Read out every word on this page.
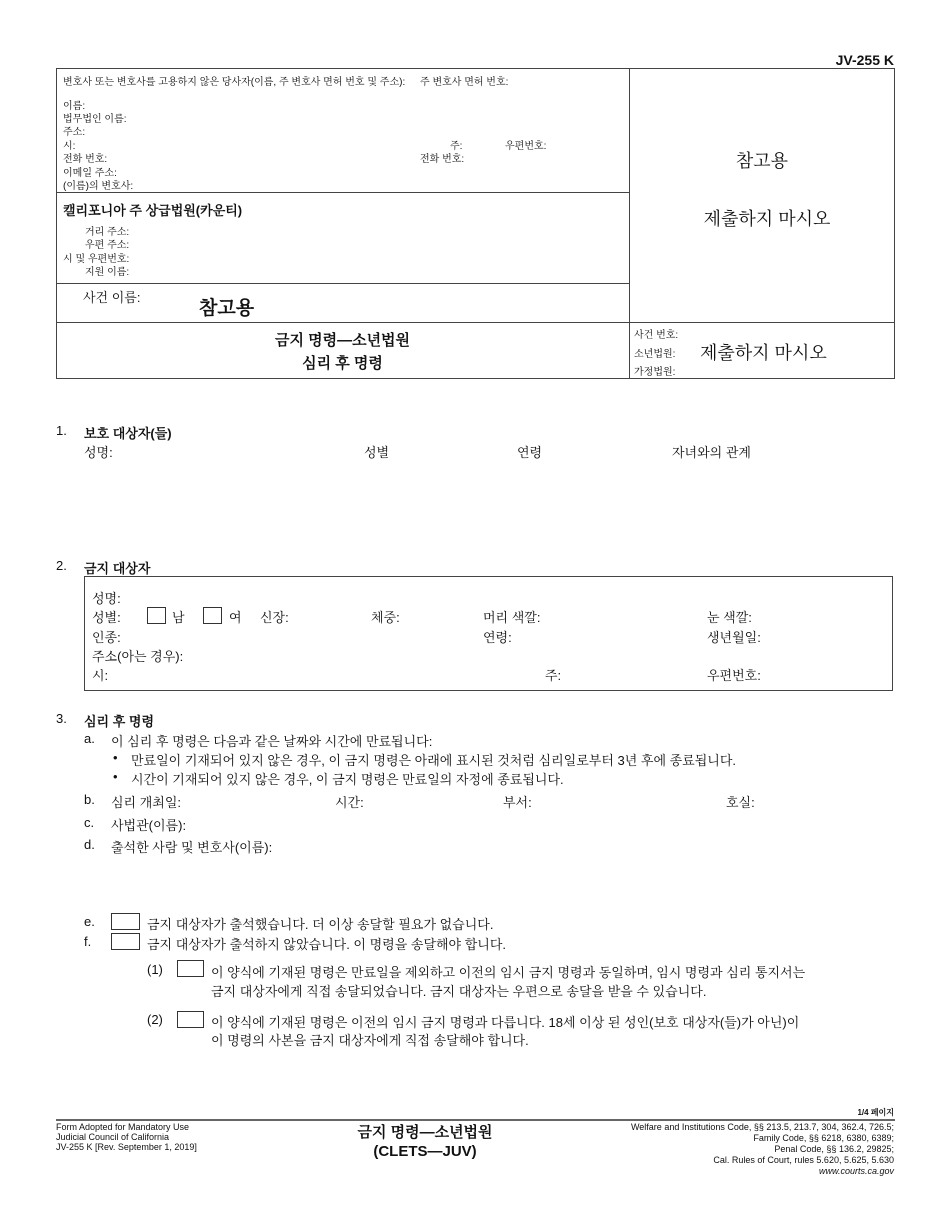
JV-255 K
변호사 또는 변호사를 고용하지 않은 당사자(이름, 주 변호사 면허 번호 및 주소): 주 변호사 면허 번호:
이름:
법무법인 이름:
주소:
시:	주:	우편번호:
전화 번호:	전화 번호:
이메일 주소:
(이름)의 변호사:
캘리포니아 주 상급법원(카운티)
거리 주소:
우편 주소:
시 및 우편번호:
지원 이름:
사건 이름:
참고용
금지 명령—소년법원
심리 후 명령
참고용
제출하지 마시오
사건 번호:
소년법원:
가정법원:
제출하지 마시오
1. 보호 대상자(들)
성명:	성별	연령	자녀와의 관계
2. 금지 대상자
성명:
성별:	남	여 신장:	체중:	머리 색깔:	눈 색깔:
인종:	연령:	생년월일:
주소(아는 경우):
시:	주:	우편번호:
3. 심리 후 명령
a. 이 심리 후 명령은 다음과 같은 날짜와 시간에 만료됩니다:
• 만료일이 기재되어 있지 않은 경우, 이 금지 명령은 아래에 표시된 것처럼 심리일로부터 3년 후에 종료됩니다.
• 시간이 기재되어 있지 않은 경우, 이 금지 명령은 만료일의 자정에 종료됩니다.
b. 심리 개최일:	시간:	부서:	호실:
c. 사법관(이름):
d. 출석한 사람 및 변호사(이름):
e.	금지 대상자가 출석했습니다. 더 이상 송달할 필요가 없습니다.
f.	금지 대상자가 출석하지 않았습니다. 이 명령을 송달해야 합니다.
(1)	이 양식에 기재된 명령은 만료일을 제외하고 이전의 임시 금지 명령과 동일하며, 임시 명령과 심리 통지서는
금지 대상자에게 직접 송달되었습니다. 금지 대상자는 우편으로 송달을 받을 수 있습니다.
(2)	이 양식에 기재된 명령은 이전의 임시 금지 명령과 다릅니다. 18세 이상 된 성인(보호 대상자(들)가 아닌)이
이 명령의 사본을 금지 대상자에게 직접 송달해야 합니다.
1/4 페이지
Form Adopted for Mandatory Use
Judicial Council of California
JV-255 K [Rev. September 1, 2019]
금지 명령—소년법원
(CLETS—JUV)
Welfare and Institutions Code, §§ 213.5, 213.7, 304, 362.4, 726.5;
Family Code, §§ 6218, 6380, 6389;
Penal Code, §§ 136.2, 29825;
Cal. Rules of Court, rules 5.620, 5.625, 5.630
www.courts.ca.gov
